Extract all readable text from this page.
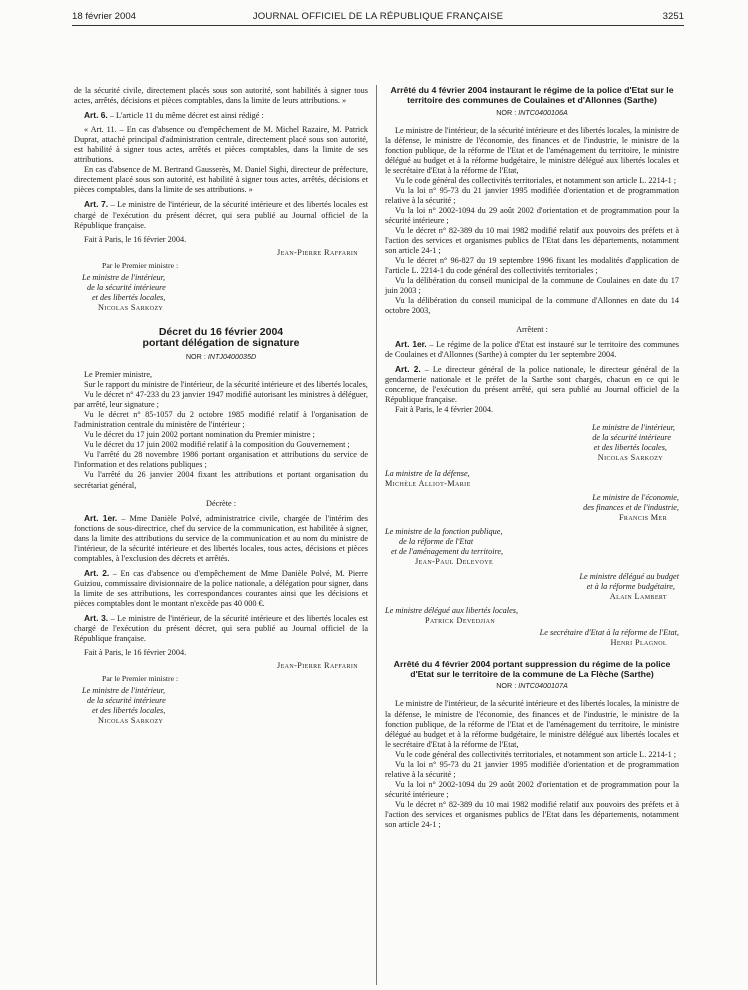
18 février 2004	JOURNAL OFFICIEL DE LA RÉPUBLIQUE FRANÇAISE	3251

de la sécurité civile, directement placés sous son autorité, sont habilités à signer tous actes, arrêtés, décisions et pièces comptables, dans la limite de leurs attributions. »

Art. 6. – L'article 11 du même décret est ainsi rédigé :

« Art. 11. – En cas d'absence ou d'empêchement de M. Michel Razaire, M. Patrick Duprat, attaché principal d'administration centrale, directement placé sous son autorité, est habilité à signer tous actes, arrêtés et pièces comptables, dans la limite de ses attributions.

En cas d'absence de M. Bertrand Gausserès, M. Daniel Sighi, directeur de préfecture, directement placé sous son autorité, est habilité à signer tous actes, arrêtés, décisions et pièces comptables, dans la limite de ses attributions. »

Art. 7. – Le ministre de l'intérieur, de la sécurité intérieure et des libertés locales est chargé de l'exécution du présent décret, qui sera publié au Journal officiel de la République française.

Fait à Paris, le 16 février 2004.

Jean-Pierre Raffarin

Par le Premier ministre :

Le ministre de l'intérieur,

de la sécurité intérieure

et des libertés locales,

Nicolas Sarkozy

Décret du 16 février 2004
portant délégation de signature

NOR : INTJ0400035D

Le Premier ministre,

Sur le rapport du ministre de l'intérieur, de la sécurité intérieure et des libertés locales,

Vu le décret n° 47-233 du 23 janvier 1947 modifié autorisant les ministres à déléguer, par arrêté, leur signature ;

Vu le décret n° 85-1057 du 2 octobre 1985 modifié relatif à l'organisation de l'administration centrale du ministère de l'intérieur ;

Vu le décret du 17 juin 2002 portant nomination du Premier ministre ;

Vu le décret du 17 juin 2002 modifié relatif à la composition du Gouvernement ;

Vu l'arrêté du 28 novembre 1986 portant organisation et attributions du service de l'information et des relations publiques ;

Vu l'arrêté du 26 janvier 2004 fixant les attributions et portant organisation du secrétariat général,

Décrète :

Art. 1er. – Mme Danièle Polvé, administratrice civile, chargée de l'intérim des fonctions de sous-directrice, chef du service de la communication, est habilitée à signer, dans la limite des attributions du service de la communication et au nom du ministre de l'intérieur, de la sécurité intérieure et des libertés locales, tous actes, décisions et pièces comptables, à l'exclusion des décrets et arrêtés.

Art. 2. – En cas d'absence ou d'empêchement de Mme Danièle Polvé, M. Pierre Guiziou, commissaire divisionnaire de la police nationale, a délégation pour signer, dans la limite de ses attributions, les correspondances courantes ainsi que les décisions et pièces comptables dont le montant n'excède pas 40 000 €.

Art. 3. – Le ministre de l'intérieur, de la sécurité intérieure et des libertés locales est chargé de l'exécution du présent décret, qui sera publié au Journal officiel de la République française.

Fait à Paris, le 16 février 2004.

Jean-Pierre Raffarin

Par le Premier ministre :

Le ministre de l'intérieur,

de la sécurité intérieure

et des libertés locales,

Nicolas Sarkozy

Arrêté du 4 février 2004 instaurant le régime de la police d'Etat sur le territoire des communes de Coulaines et d'Allonnes (Sarthe)

NOR : INTC0400106A

Le ministre de l'intérieur, de la sécurité intérieure et des libertés locales, la ministre de la défense, le ministre de l'économie, des finances et de l'industrie, le ministre de la fonction publique, de la réforme de l'Etat et de l'aménagement du territoire, le ministre délégué au budget et à la réforme budgétaire, le ministre délégué aux libertés locales et le secrétaire d'Etat à la réforme de l'Etat,

Vu le code général des collectivités territoriales, et notamment son article L. 2214-1 ;

Vu la loi n° 95-73 du 21 janvier 1995 modifiée d'orientation et de programmation relative à la sécurité ;

Vu la loi n° 2002-1094 du 29 août 2002 d'orientation et de programmation pour la sécurité intérieure ;

Vu le décret n° 82-389 du 10 mai 1982 modifié relatif aux pouvoirs des préfets et à l'action des services et organismes publics de l'Etat dans les départements, notamment son article 24-1 ;

Vu le décret n° 96-827 du 19 septembre 1996 fixant les modalités d'application de l'article L. 2214-1 du code général des collectivités territoriales ;

Vu la délibération du conseil municipal de la commune de Coulaines en date du 17 juin 2003 ;

Vu la délibération du conseil municipal de la commune d'Allonnes en date du 14 octobre 2003,

Arrêtent :

Art. 1er. – Le régime de la police d'Etat est instauré sur le territoire des communes de Coulaines et d'Allonnes (Sarthe) à compter du 1er septembre 2004.

Art. 2. – Le directeur général de la police nationale, le directeur général de la gendarmerie nationale et le préfet de la Sarthe sont chargés, chacun en ce qui le concerne, de l'exécution du présent arrêté, qui sera publié au Journal officiel de la République française.

Fait à Paris, le 4 février 2004.

Le ministre de l'intérieur,

de la sécurité intérieure

et des libertés locales,

Nicolas Sarkozy

La ministre de la défense,

Michèle Alliot-Marie

Le ministre de l'économie,

des finances et de l'industrie,

Francis Mer

Le ministre de la fonction publique,

de la réforme de l'Etat

et de l'aménagement du territoire,

Jean-Paul Delevoye

Le ministre délégué au budget

et à la réforme budgétaire,

Alain Lambert

Le ministre délégué aux libertés locales,

Patrick Devedjian

Le secrétaire d'Etat à la réforme de l'Etat,

Henri Plagnol

Arrêté du 4 février 2004 portant suppression du régime de la police d'Etat sur le territoire de la commune de La Flèche (Sarthe)

NOR : INTC0400107A

Le ministre de l'intérieur, de la sécurité intérieure et des libertés locales, la ministre de la défense, le ministre de l'économie, des finances et de l'industrie, le ministre de la fonction publique, de la réforme de l'Etat et de l'aménagement du territoire, le ministre délégué au budget et à la réforme budgétaire, le ministre délégué aux libertés locales et le secrétaire d'Etat à la réforme de l'Etat,

Vu le code général des collectivités territoriales, et notamment son article L. 2214-1 ;

Vu la loi n° 95-73 du 21 janvier 1995 modifiée d'orientation et de programmation relative à la sécurité ;

Vu la loi n° 2002-1094 du 29 août 2002 d'orientation et de programmation pour la sécurité intérieure ;

Vu le décret n° 82-389 du 10 mai 1982 modifié relatif aux pouvoirs des préfets et à l'action des services et organismes publics de l'Etat dans les départements, notamment son article 24-1 ;
